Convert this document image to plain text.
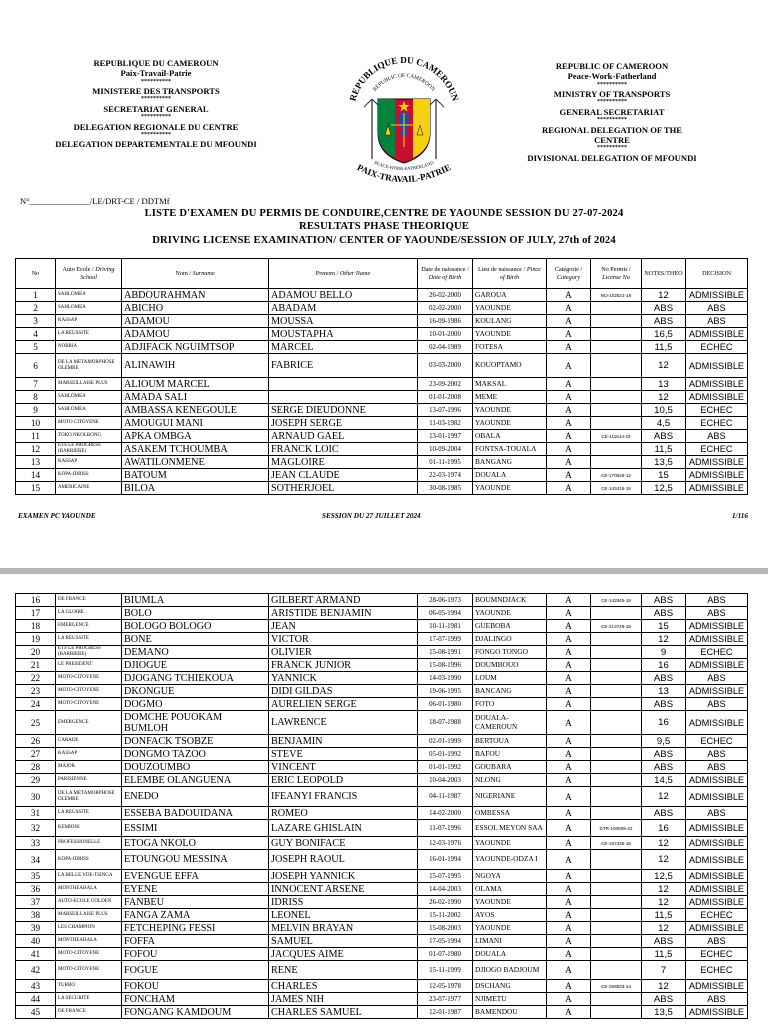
REPUBLIQUE DU CAMEROUN
Paix-Travail-Patrie
**********
MINISTERE DES TRANSPORTS
**********
SECRETARIAT GENERAL
**********
DELEGATION REGIONALE DU CENTRE
**********
DELEGATION DEPARTEMENTALE DU MFOUNDI
REPUBLIQUE DU CAMEROUN
REPUBLIC OF CAMEROON
PEACE-WORK-FATHERLAND
PAIX-TRAVAIL-PATRIE
REPUBLIC OF CAMEROON
Peace-Work-Fatherland
**********
MINISTRY OF TRANSPORTS
**********
GENERAL SECRETARIAT
**********
REGIONAL DELEGATION OF THE
CENTRE
**********
DIVISIONAL DELEGATION OF MFOUNDI
N°______________/LE/DRT-CE / DDTMf
LISTE D'EXAMEN DU PERMIS DE CONDUIRE,CENTRE DE YAOUNDE SESSION DU 27-07-2024
RESULTATS PHASE THEORIQUE
DRIVING LICENSE EXAMINATION/ CENTER OF YAOUNDE/SESSION OF JULY, 27th of 2024
No	Auto Ecole / Driving School	Nom / Surname	Prenom / Other Name	Date de naissance / Date of Birth	Lieu de naissance / Pince of Birth	Catégorie / Category	No Permis / License No	NOTES/THEO	DECISION
1	SAHLOMEA	ABDOURAHMAN	ADAMOU BELLO	26-02-2000	GAROUA	A	NO-102521-19	12	ADMISSIBLE
2	SAHLOMEA	ABICHO	ABADAM	02-02-2000	YAOUNDE	A		ABS	ABS
3	KASSAP	ADAMOU	MOUSSA	16-09-1986	KOULANG	A		ABS	ABS
4	LA REUSSITE	ADAMOU	MOUSTAPHA	10-01-2000	YAOUNDE	A		16,5	ADMISSIBLE
5	NOBRIA	ADJIFACK NGUIMTSOP	MARCEL	02-04-1989	FOTESA	A		11,5	ECHEC
6	DE LA METAMORPHOSE OLEMBE	ALINAWIH	FABRICE	03-03-2000	KOUOPTAMO	A		12	ADMISSIBLE
7	MARSEILLAISE PLUS	ALIOUM MARCEL		23-09-2002	MAKSAL	A		13	ADMISSIBLE
8	SAHLOMEA	AMADA SALI		01-01-2008	MEME	A		12	ADMISSIBLE
9	SAHLOMEA	AMBASSA KENEGOULE	SERGE DIEUDONNE	13-07-1996	YAOUNDE	A		10,5	ECHEC
10	MOTO CITOYENE	AMOUGUI MANI	JOSEPH SERGE	11-03-1982	YAOUNDE	A		4,5	ECHEC
11	TOKO NKOLBONG	APKA OMBGA	ARNAUD GAEL	13-01-1997	OBALA	A	CE-111514-23	ABS	ABS
12	ETS LE PROGRESS (BARRIERE)	ASAKEM TCHOUMBA	FRANCK LOIC	10-09-2004	FONTSA-TOUALA	A		11,5	ECHEC
13	KASSAP	AWATILONMENE	MAGLOIRE	01-11-1995	BANGANG	A		13,5	ADMISSIBLE
14	KOPA-IDRISS	BATOUM	JEAN CLAUDE	22-03-1974	DOUALA	A	CE-170826-12	15	ADMISSIBLE
15	AMERICAINE	BILOA	SOTHERJOEL	30-08-1985	YAOUNDE	A	CE-143415-16	12,5	ADMISSIBLE
EXAMEN PC YAOUNDE	SESSION DU 27 JUILLET 2024	1/116
16	DE FRANCE	BIUMLA	GILBERT ARMAND	28-06-1973	BOUMNDJACK	A	CE-142845-18	ABS	ABS
17	LA GLOIRE	BOLO	ARISTIDE BENJAMIN	06-05-1994	YAOUNDE	A		ABS	ABS
18	EMERGENCE	BOLOGO BOLOGO	JEAN	10-11-1981	GUEBOBA	A	CE-213749-15	15	ADMISSIBLE
19	LA REUSSITE	BONE	VICTOR	17-07-1999	DJALINGO	A		12	ADMISSIBLE
20	ETS LE PROGRESS (BARRIERE)	DEMANO	OLIVIER	15-08-1991	FONGO TONGO	A		9	ECHEC
21	LE PRESIDENT	DJIOGUE	FRANCK JUNIOR	15-08-1996	DOUMBOUO	A		16	ADMISSIBLE
22	MOTO-CITOYENE	DJOGANG TCHIEKOUA	YANNICK	14-03-1990	LOUM	A		ABS	ABS
23	MOTO-CITOYENE	DKONGUE	DIDI GILDAS	19-06-1995	BANCANG	A		13	ADMISSIBLE
24	MOTO-CITOYENE	DOGMO	AURELIEN SERGE	06-01-1980	FOTO	A		ABS	ABS
25	EMERGENCE	DOMCHE POUOKAM BUMLOH	LAWRENCE	18-07-1988	DOUALA-CAMEROUN	A		16	ADMISSIBLE
26	CARADE	DONFACK TSOBZE	BENJAMIN	02-01-1999	BERTOUA	A		9,5	ECHEC
27	KASSAP	DONGMO TAZOO	STEVE	05-01-1992	BAFOU	A		ABS	ABS
28	MAJOR	DOUZOUMBO	VINCENT	01-01-1992	GOUBARA	A		ABS	ABS
29	PARISIENNE	ELEMBE OLANGUENA	ERIC LEOPOLD	10-04-2003	NLONG	A		14,5	ADMISSIBLE
30	DE LA METAMORPHOSE OLEMBE	ENEDO	IFEANYI FRANCIS	04-11-1987	NIGERIANE	A		12	ADMISSIBLE
31	LA REUSSITE	ESSEBA BADOUIDANA	ROMEO	14-02-2000	OMBESSA	A		ABS	ABS
32	KEMIONI	ESSIMI	LAZARE GHISLAIN	11-07-1996	ESSOL MEYON SAA	A	DTR-100609-22	16	ADMISSIBLE
33	PROFESSIONELLE	ETOGA NKOLO	GUY BONIFACE	12-03-1976	YAOUNDE	A	CE-157435-16	12	ADMISSIBLE
34	KOPA-IDRISS	ETOUNGOU MESSINA	JOSEPH RAOUL	16-01-1994	YAOUNDE-ODZA I	A		12	ADMISSIBLE
35	LA BELLE YDE-TSINGA	EVENGUE EFFA	JOSEPH YANNICK	15-07-1995	NGOYA	A		12,5	ADMISSIBLE
36	MONTHEAHALA	EYENE	INNOCENT ARSENE	14-04-2003	OLAMA	A		12	ADMISSIBLE
37	AUTO-ECOLE GOLDEN	FANBEU	IDRISS	26-02-1990	YAOUNDE	A		12	ADMISSIBLE
38	MARSEILLAISE PLUS	FANGA ZAMA	LEONEL	15-11-2002	AYOS	A		11,5	ECHEC
39	LES CHAMPION	FETCHEPING FESSI	MELVIN BRAYAN	15-08-2003	YAOUNDE	A		12	ADMISSIBLE
40	MONTHEAHALA	FOFFA	SAMUEL	17-05-1994	LIMANI	A		ABS	ABS
41	MOTO-CITOYENE	FOFOU	JACQUES AIME	01-07-1980	DOUALA	A		11,5	ECHEC
42	MOTO-CITOYENE	FOGUE	RENE	15-11-1999	DJIOGO BADJOUM	A		7	ECHEC
43	TURBO	FOKOU	CHARLES	12-05-1978	DSCHANG	A	CE-258533-14	12	ADMISSIBLE
44	LA SECURITE	FONCHAM	JAMES NIH	23-07-1977	NJIMETU	A		ABS	ABS
45	DE FRANCE	FONGANG KAMDOUM	CHARLES SAMUEL	12-01-1987	BAMENDOU	A		13,5	ADMISSIBLE
